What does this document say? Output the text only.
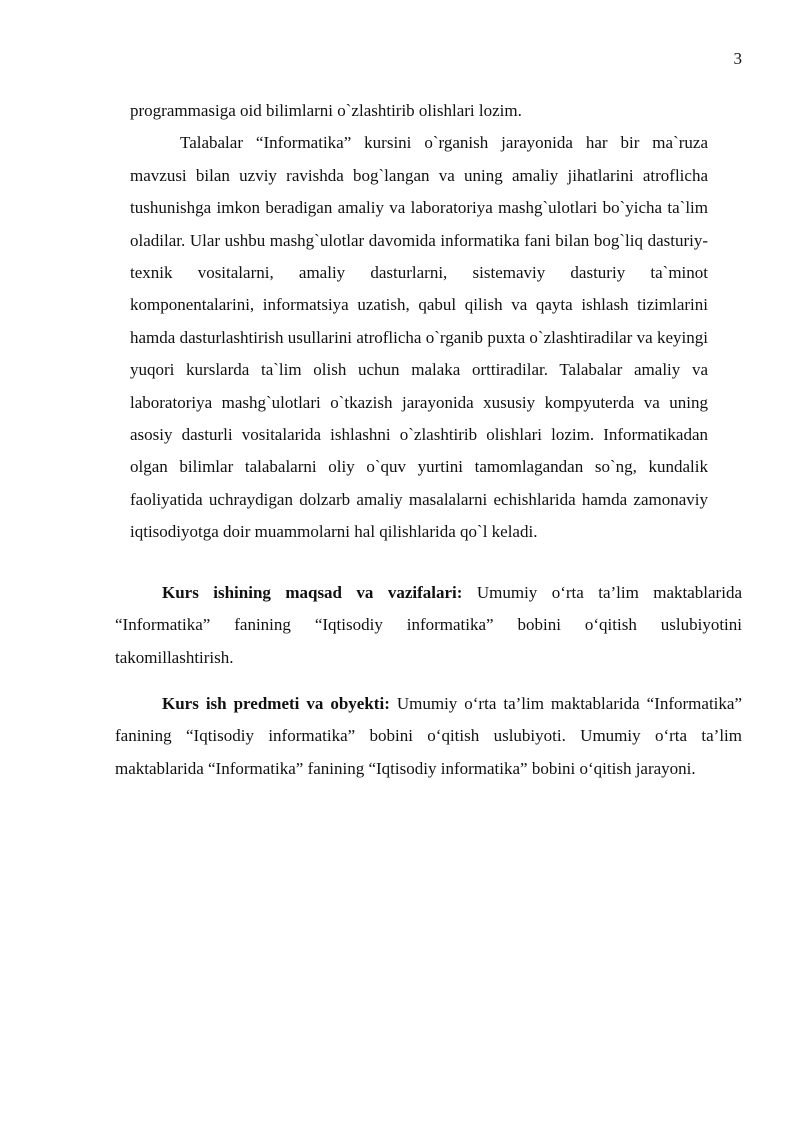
3

programmasiga oid bilimlarni o`zlashtirib olishlari lozim.

Talabalar “Informatika” kursini o`rganish jarayonida har bir ma`ruza mavzusi bilan uzviy ravishda bog`langan va uning amaliy jihatlarini atroflicha tushunishga imkon beradigan amaliy va laboratoriya mashg`ulotlari bo`yicha ta`lim oladilar. Ular ushbu mashg`ulotlar davomida informatika fani bilan bog`liq dasturiy-texnik vositalarni, amaliy dasturlarni, sistemaviy dasturiy ta`minot komponentalarini, informatsiya uzatish, qabul qilish va qayta ishlash tizimlarini hamda dasturlashtirish usullarini atroflicha o`rganib puxta o`zlashtiradilar va keyingi yuqori kurslarda ta`lim olish uchun malaka orttiradilar. Talabalar amaliy va laboratoriya mashg`ulotlari o`tkazish jarayonida xususiy kompyuterda va uning asosiy dasturli vositalarida ishlashni o`zlashtirib olishlari lozim. Informatikadan olgan bilimlar talabalarni oliy o`quv yurtini tamomlagandan so`ng, kundalik faoliyatida uchraydigan dolzarb amaliy masalalarni echishlarida hamda zamonaviy iqtisodiyotga doir muammolarni hal qilishlarida qo`l keladi.

Kurs ishining maqsad va vazifalari: Umumiy o‘rta ta’lim maktablarida “Informatika” fanining “Iqtisodiy informatika” bobini o‘qitish uslubiyotini takomillashtirish.

Kurs ish predmeti va obyekti: Umumiy o‘rta ta’lim maktablarida “Informatika” fanining “Iqtisodiy informatika” bobini o‘qitish uslubiyoti. Umumiy o‘rta ta’lim maktablarida “Informatika” fanining “Iqtisodiy informatika” bobini o‘qitish jarayoni.
